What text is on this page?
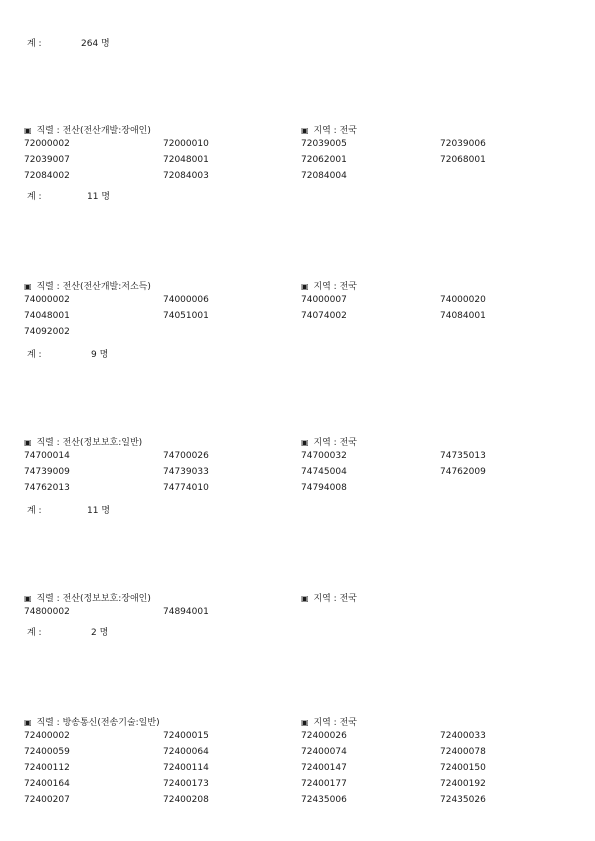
계 :	264 명
▣ 직렬 : 전산(전산개발:장애인)	▣ 지역 : 전국
72000002	72000010	72039005	72039006
72039007	72048001	72062001	72068001
72084002	72084003	72084004
계 :	11 명
▣ 직렬 : 전산(전산개발:저소득)	▣ 지역 : 전국
74000002	74000006	74000007	74000020
74048001	74051001	74074002	74084001
74092002
계 :	9 명
▣ 직렬 : 전산(정보보호:일반)	▣ 지역 : 전국
74700014	74700026	74700032	74735013
74739009	74739033	74745004	74762009
74762013	74774010	74794008
계 :	11 명
▣ 직렬 : 전산(정보보호:장애인)	▣ 지역 : 전국
74800002	74894001
계 :	2 명
▣ 직렬 : 방송통신(전송기술:일반)	▣ 지역 : 전국
72400002	72400015	72400026	72400033
72400059	72400064	72400074	72400078
72400112	72400114	72400147	72400150
72400164	72400173	72400177	72400192
72400207	72400208	72435006	72435026
